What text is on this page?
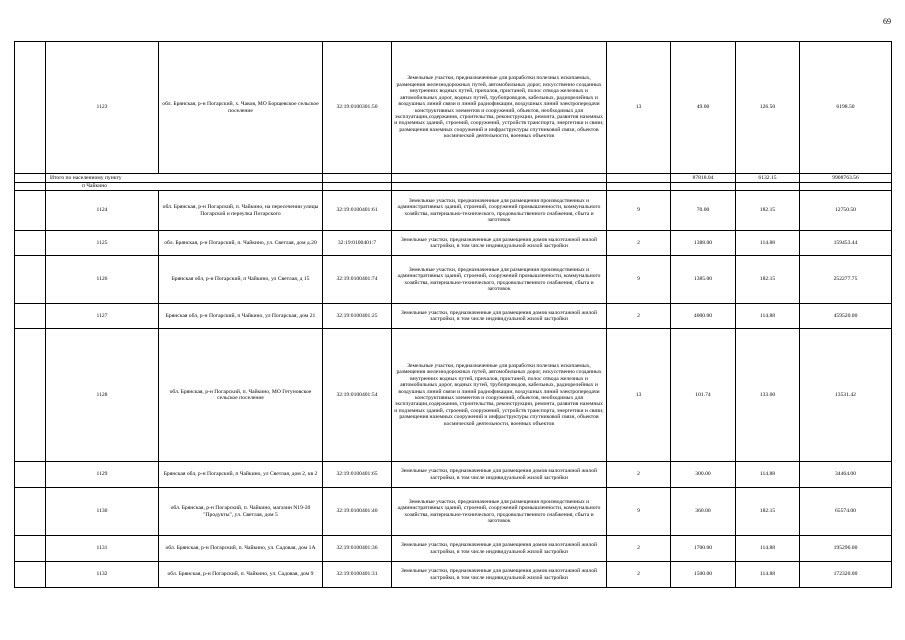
69
	1123	обл. Брянская, р-н Погарский, х. Чаков, МО Борщевское сельское поселение	32:19:0100301:50	Земельные участки, предназначенные для разработки полезных ископаемых, размещения железнодорожных путей, автомобильных дорог, искусственно созданных внутренних водных путей, причалов, пристаней, полос отвода железных и автомобильных дорог, водных путей, трубопроводов, кабельных, радиорелейных и воздушных линий связи и линий радиофикации, воздушных линий электропередачи конструктивных элементов и сооружений, объектов, необходимых для эксплуатации,содержания, строительства, реконструкции, ремонта, развития наземных и подземных зданий, строений, сооружений, устройств транспорта, энергетики и связи; размещения наземных сооружений и инфраструктуры спутниковой связи, объектов космической деятельности, военных объектов	13	49.00	126.50	6198.50
	Итого по населенному пункту					87818.04	6132.15	9908763.56
	п Чайкино							
	1124	обл. Брянская, р-н Погарский, п. Чайкино, на пересечении улицы Погарской и переулка Погарского	32:19:0100401:61	Земельные участки, предназначенные для размещения производственных и административных зданий, строений, сооружений промышленности, коммунального хозяйства, материально-технического, продовольственного снабжения, сбыта и заготовок	9	70.00	182.15	12750.50
	1125	обл. Брянская, р-н Погарский, п. Чайкино, ул. Светлая, дом д.20	32:19:0100401:7	Земельные участки, предназначенные для размещения домов малоэтажной жилой застройки, в том числе индивидуальной жилой застройки	2	1388.00	114.88	159453.44
	1126	Брянская обл, р-н Погарский, п Чайкино, ул Светлая, д 15	32:19:0100401:74	Земельные участки, предназначенные для размещения производственных и административных зданий, строений, сооружений промышленности, коммунального хозяйства, материально-технического, продовольственного снабжения, сбыта и заготовок	9	1385.00	182.15	252277.75
	1127	Брянская обл, р-н Погарский, п Чайкино, ул Погарская, дом 21	32:19:0100401:25	Земельные участки, предназначенные для размещения домов малоэтажной жилой застройки, в том числе индивидуальной жилой застройки	2	4000.00	114.88	459520.00
	1128	обл. Брянская, р-н Погарский, п. Чайкино, МО Гетуновское сельское поселение	32:19:0100401:54	Земельные участки, предназначенные для разработки полезных ископаемых, размещения железнодорожных путей, автомобильных дорог, искусственно созданных внутренних водных путей, причалов, пристаней, полос отвода железных и автомобильных дорог, водных путей, трубопроводов, кабельных, радиорелейных и воздушных линий связи и линий радиофикации, воздушных линий электропередачи конструктивных элементов и сооружений, объектов, необходимых для эксплуатации,содержания, строительства, реконструкции, ремонта, развития наземных и подземных зданий, строений, сооружений, устройств транспорта, энергетики и связи; размещения наземных сооружений и инфраструктуры спутниковой связи, объектов космической деятельности, военных объектов	13	101.74	133.00	13531.42
	1129	Брянская обл, р-н Погарский, п Чайкино, ул Светлая, дом 2, кв 2	32:19:0100401:65	Земельные участки, предназначенные для размещения домов малоэтажной жилой застройки, в том числе индивидуальной жилой застройки	2	300.00	114.88	34464.00
	1130	обл. Брянская, р-н Погарский, п. Чайкино, магазин N19-20 "Продукты", ул. Светлая, дом 5	32:19:0100401:40	Земельные участки, предназначенные для размещения производственных и административных зданий, строений, сооружений промышленности, коммунального хозяйства, материально-технического, продовольственного снабжения, сбыта и заготовок	9	360.00	182.15	65574.00
	1131	обл. Брянская, р-н Погарский, п. Чайкино, ул. Садовая, дом 1А	32:19:0100401:36	Земельные участки, предназначенные для размещения домов малоэтажной жилой застройки, в том числе индивидуальной жилой застройки	2	1700.00	114.88	195296.00
	1132	обл. Брянская, р-н Погарский, п. Чайкино, ул. Садовая, дом 9	32:19:0100401:31	Земельные участки, предназначенные для размещения домов малоэтажной жилой застройки, в том числе индивидуальной жилой застройки	2	1500.00	114.88	172320.00
